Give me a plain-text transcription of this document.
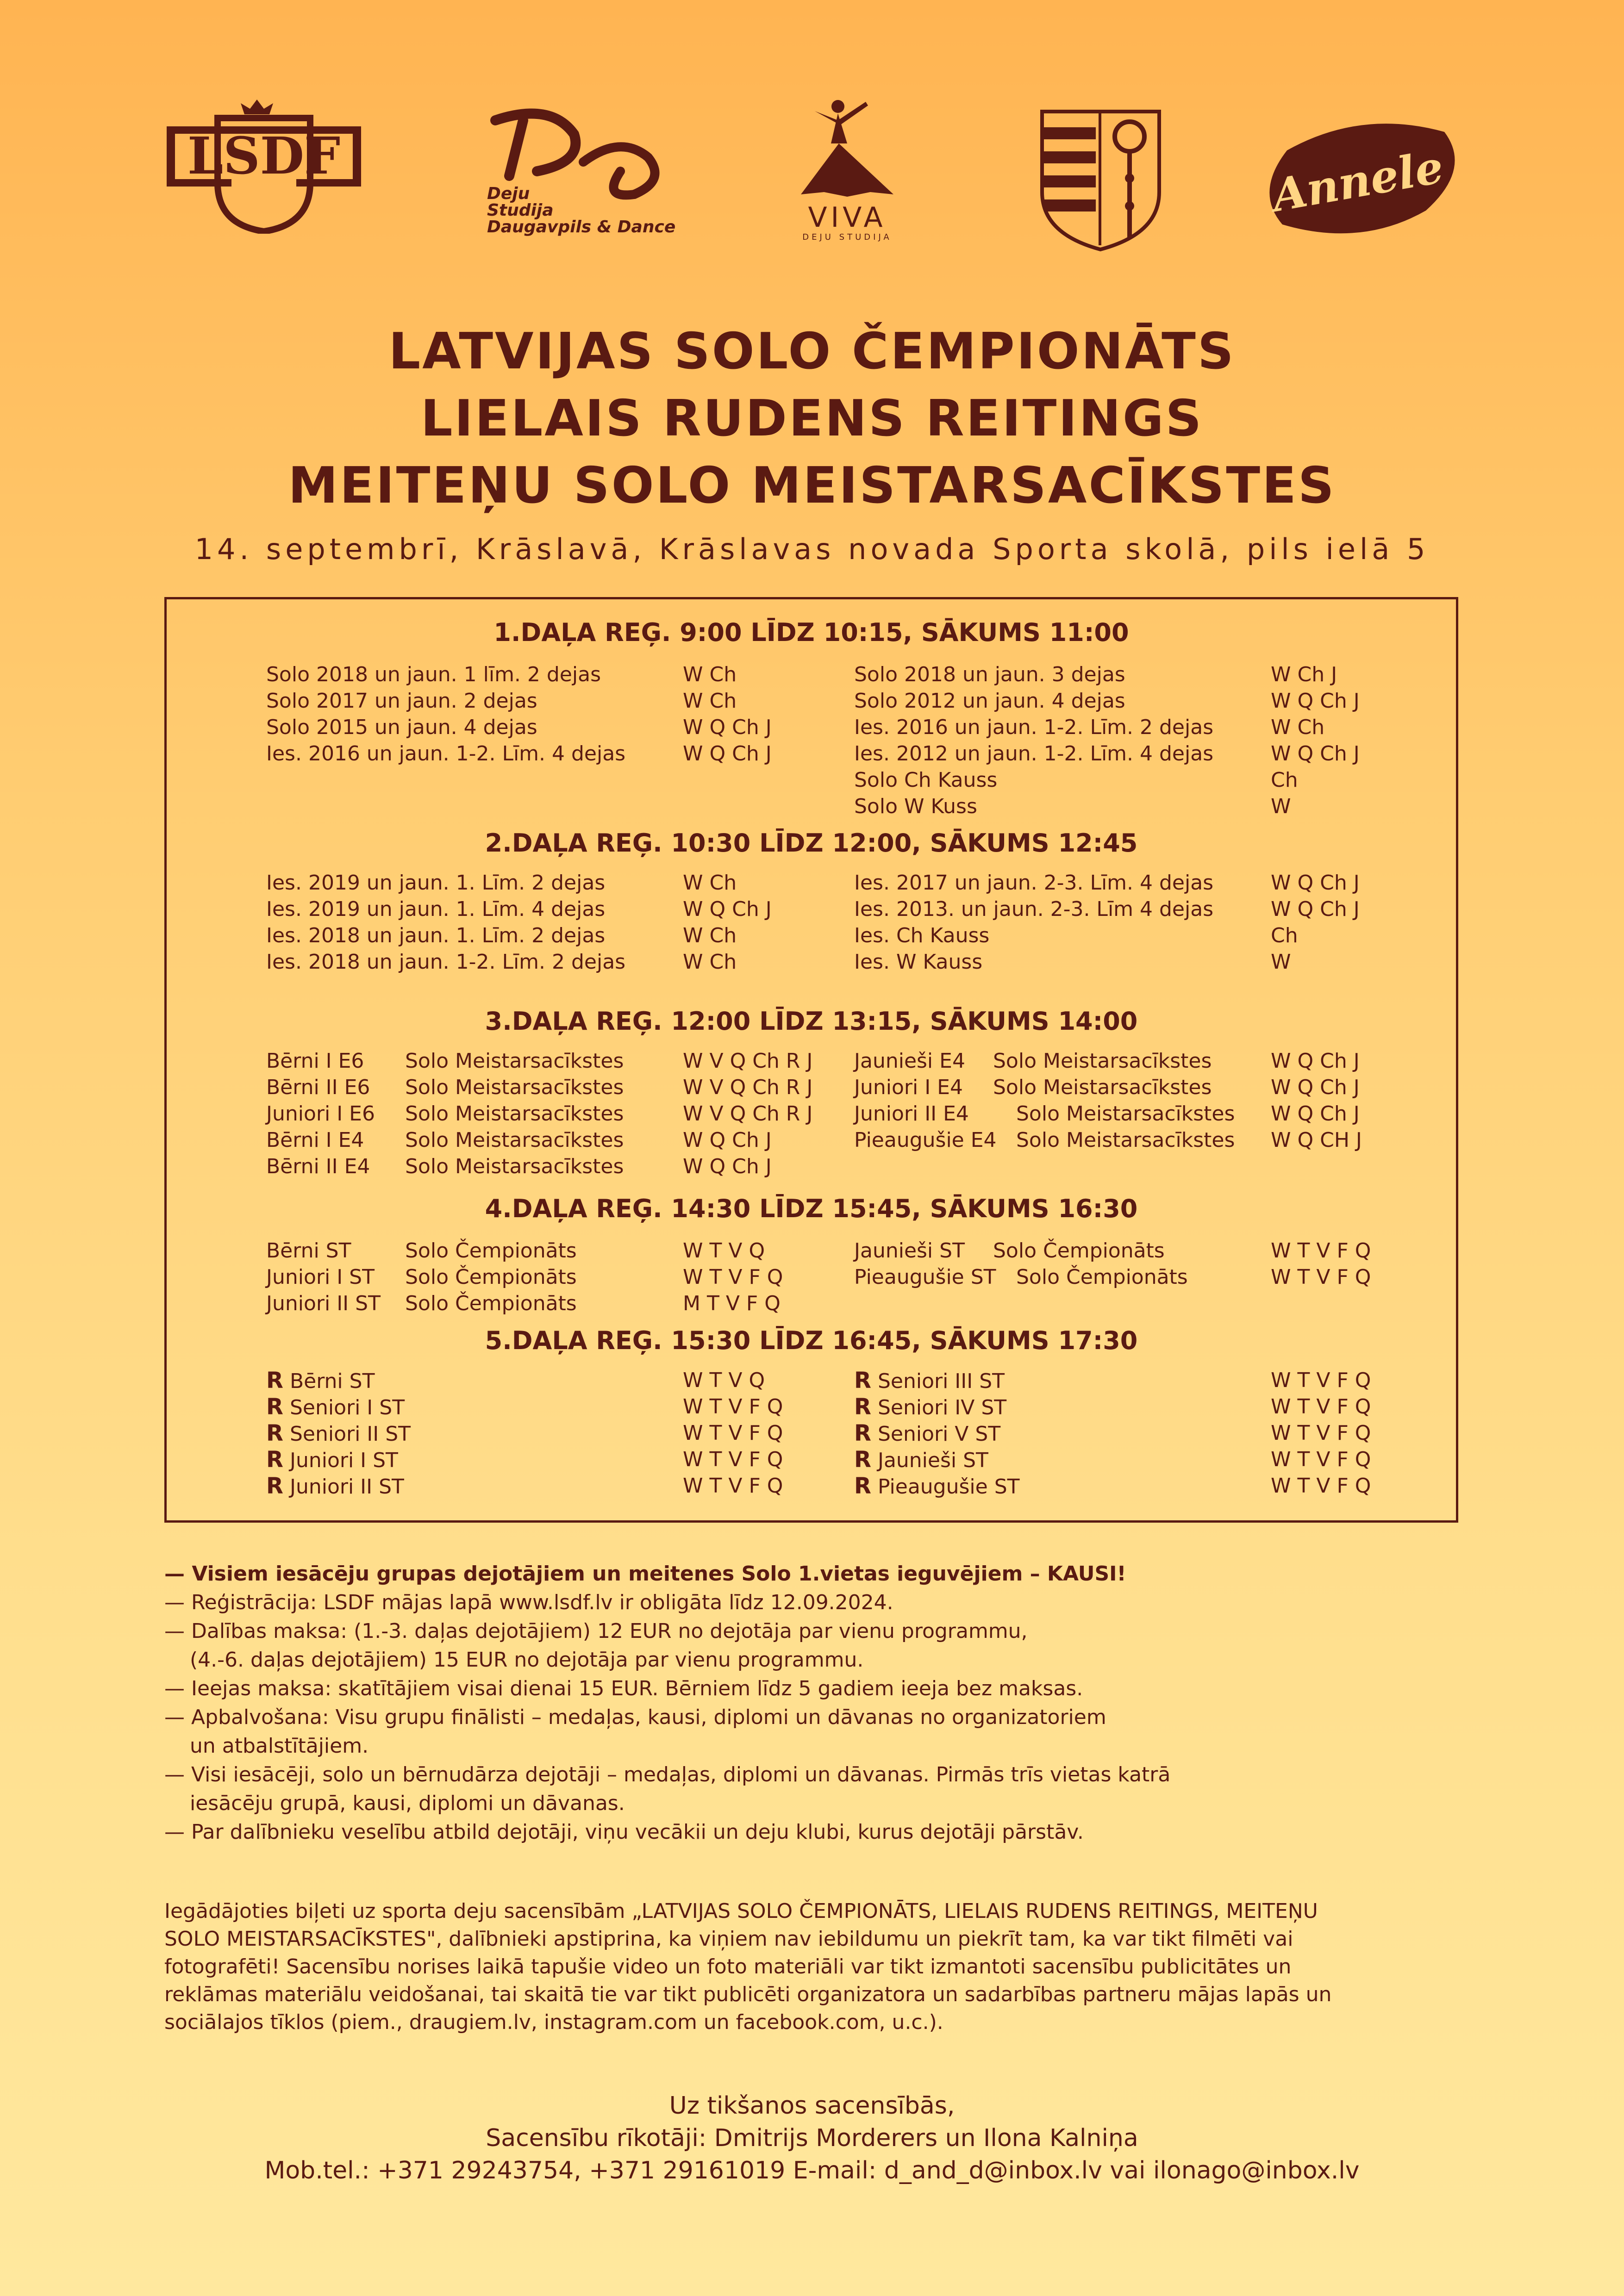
LSDF
Deju
Studija
Daugavpils & Dance	VIVA
DEJU STUDIJA
Annele
LATVIJAS SOLO ČEMPIONĀTS
LIELAIS RUDENS REITINGS
MEITEŅU SOLO MEISTARSACĪKSTES
14. septembrī, Krāslavā, Krāslavas novada Sporta skolā, pils ielā 5
1.DAĻA REĢ. 9:00 LĪDZ 10:15, SĀKUMS 11:00
Solo 2018 un jaun. 1 līm. 2 dejas	W Ch
Solo 2017 un jaun. 2 dejas	W Ch
Solo 2015 un jaun. 4 dejas	W Q Ch J
Ies. 2016 un jaun. 1-2. Līm. 4 dejas	W Q Ch J
Solo 2018 un jaun. 3 dejas	W Ch J
Solo 2012 un jaun. 4 dejas	W Q Ch J
Ies. 2016 un jaun. 1-2. Līm. 2 dejas	W Ch
Ies. 2012 un jaun. 1-2. Līm. 4 dejas	W Q Ch J
Solo Ch Kauss	Ch
Solo W Kuss	W
2.DAĻA REĢ. 10:30 LĪDZ 12:00, SĀKUMS 12:45
Ies. 2019 un jaun. 1. Līm. 2 dejas	W Ch
Ies. 2019 un jaun. 1. Līm. 4 dejas	W Q Ch J
Ies. 2018 un jaun. 1. Līm. 2 dejas	W Ch
Ies. 2018 un jaun. 1-2. Līm. 2 dejas	W Ch
Ies. 2017 un jaun. 2-3. Līm. 4 dejas	W Q Ch J
Ies. 2013. un jaun. 2-3. Līm 4 dejas	W Q Ch J
Ies. Ch Kauss	Ch
Ies. W Kauss	W
3.DAĻA REĢ. 12:00 LĪDZ 13:15, SĀKUMS 14:00
Bērni I E6 Solo Meistarsacīkstes	W V Q Ch R J
Bērni II E6 Solo Meistarsacīkstes	W V Q Ch R J
Juniori I E6 Solo Meistarsacīkstes	W V Q Ch R J
Bērni I E4 Solo Meistarsacīkstes	W Q Ch J
Bērni II E4 Solo Meistarsacīkstes	W Q Ch J
Jaunieši E4 Solo Meistarsacīkstes	W Q Ch J
Juniori I E4 Solo Meistarsacīkstes	W Q Ch J
Juniori II E4 Solo Meistarsacīkstes W Q Ch J
Pieaugušie E4 Solo Meistarsacīkstes W Q CH J
4.DAĻA REĢ. 14:30 LĪDZ 15:45, SĀKUMS 16:30
Bērni ST	Solo Čempionāts	W T V Q
Juniori I ST Solo Čempionāts	W T V F Q
Juniori II ST Solo Čempionāts	M T V F Q
Jaunieši ST Solo Čempionāts	W T V F Q
Pieaugušie ST Solo Čempionāts	W T V F Q
5.DAĻA REĢ. 15:30 LĪDZ 16:45, SĀKUMS 17:30
R Bērni ST	W T V Q
R Seniori I ST	W T V F Q
R Seniori II ST	W T V F Q
R Juniori I ST	W T V F Q
R Juniori II ST	W T V F Q
R Seniori III ST	W T V F Q
R Seniori IV ST	W T V F Q
R Seniori V ST	W T V F Q
R Jaunieši ST	W T V F Q
R Pieaugušie ST	W T V F Q
— Visiem iesācēju grupas dejotājiem un meitenes Solo 1.vietas ieguvējiem – KAUSI!
— Reģistrācija: LSDF mājas lapā www.lsdf.lv ir obligāta līdz 12.09.2024.
— Dalības maksa: (1.-3. daļas dejotājiem) 12 EUR no dejotāja par vienu programmu,
(4.-6. daļas dejotājiem) 15 EUR no dejotāja par vienu programmu.
— Ieejas maksa: skatītājiem visai dienai 15 EUR. Bērniem līdz 5 gadiem ieeja bez maksas.
— Apbalvošana: Visu grupu finālisti – medaļas, kausi, diplomi un dāvanas no organizatoriem
un atbalstītājiem.
— Visi iesācēji, solo un bērnudārza dejotāji – medaļas, diplomi un dāvanas. Pirmās trīs vietas katrā
iesācēju grupā, kausi, diplomi un dāvanas.
— Par dalībnieku veselību atbild dejotāji, viņu vecākii un deju klubi, kurus dejotāji pārstāv.
Iegādājoties biļeti uz sporta deju sacensībām „LATVIJAS SOLO ČEMPIONĀTS, LIELAIS RUDENS REITINGS, MEITEŅU
SOLO MEISTARSACĪKSTES", dalībnieki apstiprina, ka viņiem nav iebildumu un piekrīt tam, ka var tikt filmēti vai
fotografēti! Sacensību norises laikā tapušie video un foto materiāli var tikt izmantoti sacensību publicitātes un
reklāmas materiālu veidošanai, tai skaitā tie var tikt publicēti organizatora un sadarbības partneru mājas lapās un
sociālajos tīklos (piem., draugiem.lv, instagram.com un facebook.com, u.c.).
Uz tikšanos sacensībās,
Sacensību rīkotāji: Dmitrijs Morderers un Ilona Kalniņa
Mob.tel.: +371 29243754, +371 29161019 E-mail: d_and_d@inbox.lv vai ilonago@inbox.lv
